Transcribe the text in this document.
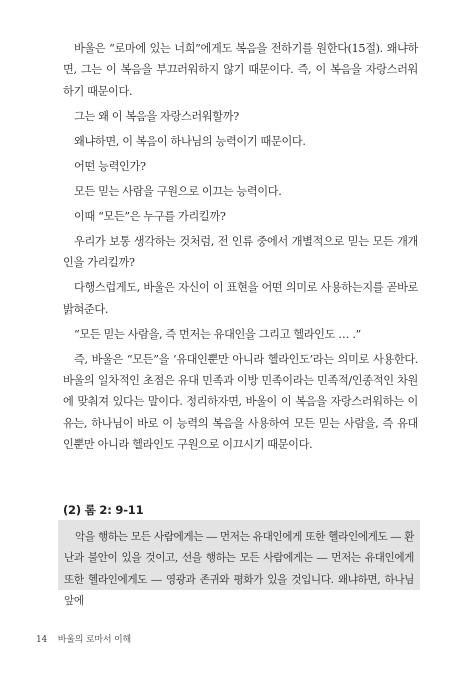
바울은 “로마에 있는 너희”에게도 복음을 전하기를 원한다(15절). 왜냐하면, 그는 이 복음을 부끄러워하지 않기 때문이다. 즉, 이 복음을 자랑스러워하기 때문이다.

그는 왜 이 복음을 자랑스러워할까?

왜냐하면, 이 복음이 하나님의 능력이기 때문이다.

어떤 능력인가?

모든 믿는 사람을 구원으로 이끄는 능력이다.

이때 “모든”은 누구를 가리킬까?

우리가 보통 생각하는 것처럼, 전 인류 중에서 개별적으로 믿는 모든 개개인을 가리킬까?

다행스럽게도, 바울은 자신이 이 표현을 어떤 의미로 사용하는지를 곧바로 밝혀준다.

“모든 믿는 사람을, 즉 먼저는 유대인을 그리고 헬라인도 … .”

즉, 바울은 “모든”을 ‘유대인뿐만 아니라 헬라인도’라는 의미로 사용한다. 바울의 일차적인 초점은 유대 민족과 이방 민족이라는 민족적/인종적인 차원에 맞춰져 있다는 말이다. 정리하자면, 바울이 이 복음을 자랑스러워하는 이유는, 하나님이 바로 이 능력의 복음을 사용하여 모든 믿는 사람을, 즉 유대인뿐만 아니라 헬라인도 구원으로 이끄시기 때문이다.

(2) 롬 2: 9-11

악을 행하는 모든 사람에게는 ― 먼저는 유대인에게 또한 헬라인에게도 ― 환난과 불안이 있을 것이고, 선을 행하는 모든 사람에게는 ― 먼저는 유대인에게 또한 헬라인에게도 ― 영광과 존귀와 평화가 있을 것입니다. 왜냐하면, 하나님 앞에

14 바울의 로마서 이해
